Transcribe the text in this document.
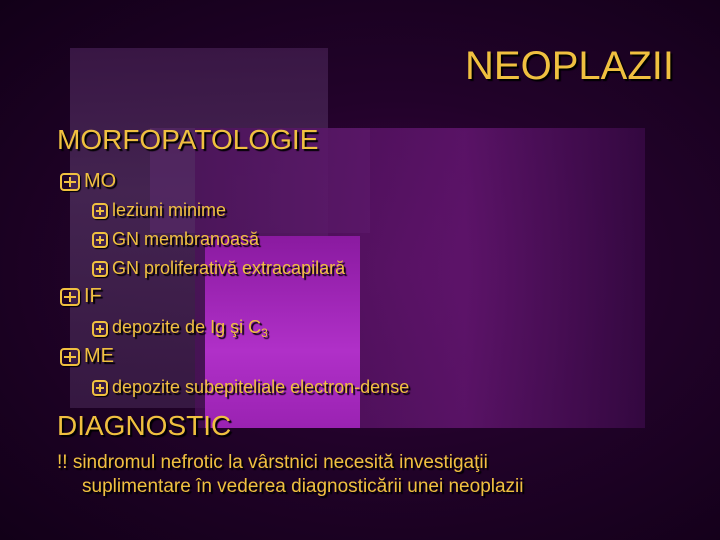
NEOPLAZII
MORFOPATOLOGIE
MO
leziuni minime
GN membranoasă
GN proliferativă extracapilară
IF
depozite de Ig şi $C_3$
ME
depozite subepiteliale electron-dense
DIAGNOSTIC
!! sindromul nefrotic la vârstnici necesită investigaţii
suplimentare în vederea diagnosticării unei neoplazii
